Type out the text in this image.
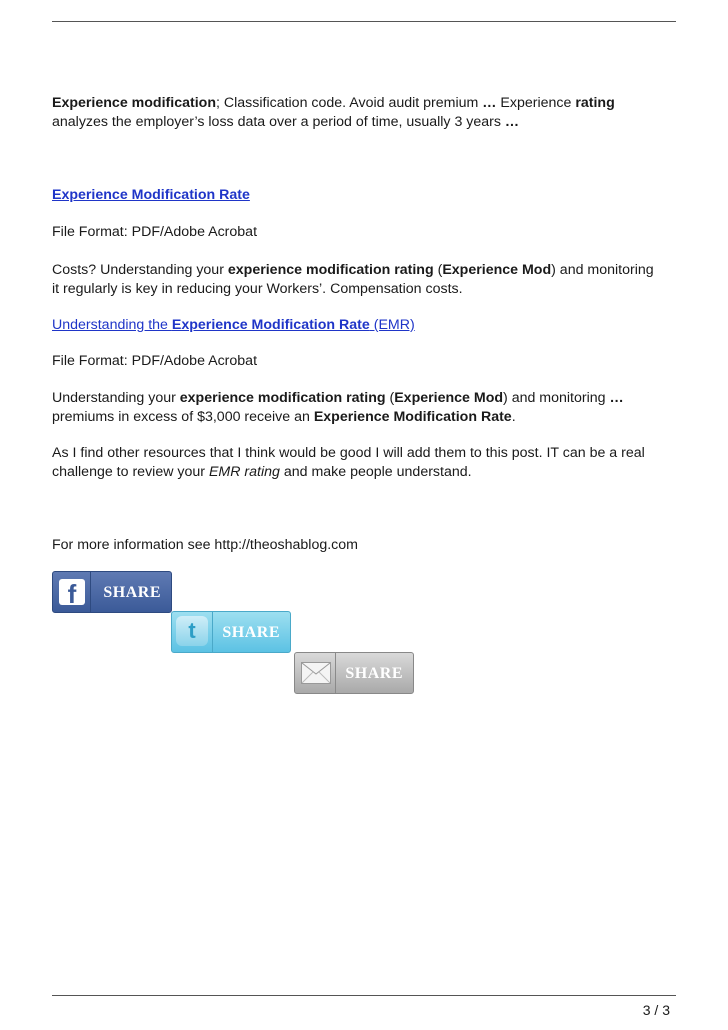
Experience modification; Classification code. Avoid audit premium … Experience rating

analyzes the employer’s loss data over a period of time, usually 3 years …

Experience Modification Rate

File Format: PDF/Adobe Acrobat

Costs? Understanding your experience modification rating (Experience Mod) and monitoring

it regularly is key in reducing your Workers’. Compensation costs.

Understanding the Experience Modification Rate (EMR)

File Format: PDF/Adobe Acrobat

Understanding your experience modification rating (Experience Mod) and monitoring …

premiums in excess of $3,000 receive an Experience Modification Rate.

As I find other resources that I think would be good I will add them to this post. IT can be a real

challenge to review your EMR rating and make people understand.

For more information see http://theoshablog.com

f	SHARE
t	SHARE
SHARE
3 / 3
